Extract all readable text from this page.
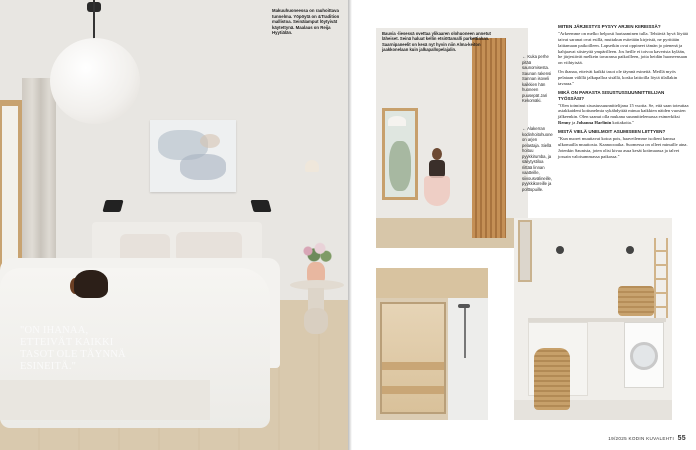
Makuuhuoneessa on rauhoittava tunnelma. Yöpöytä on &Tradition mallistoa. Seinälamput löytyivät käytettynä. Maalaus on Reija Hyytiälän.
"ON IHANAA, ETTEIVÄT KAIKKI TASOT OLE TÄYNNÄ ESINEITÄ."
Bauvia -liesessä ovettaa ylikaaren olohuoneen annetut läheiset. Seinä haluat kellin etsiöttamalli parkettiahan. Saarnipaneelit on kesä nyt hyvin niin Alma-keiton jaakkonelaan kuin jalkapallopelajalin.
← Kuka perhe pitää saunomisesta. Saunan rakensi Sannan isoveli kaikkien hän huoneen puusepät Jari Kekomäki.
← Alakerran kodinhoitohuone on arjen pelastaja. Siellä hoituu pyykkirumba, ja säilytystiloa riittää linnan vaatteille, siivousvälineille, pyykkikoreille ja polttopuille.
MITEN JÄRJESTYS PYSYY ARJEN KIIREISSÄ?

"Arkeemme on melko helposti hartaaminen tulla. Tehtäviä hyvä löytää taivat saranat ovat esillä, muttakun esitetään kirjeistä, ne pyrittään laittamaan paikoilleen. Lapsetkin ovat oppineet tämän jo pienenä ja kahjaavat siisteyttä ympärilleen. Jos heille ei toivoa kaverista kylään, he järjestävät melkein tavaransa paikoilleen, jotta heidän huoneensaan on viihtyisää.

On ihanaa, etteivät kaikki tasot ole täynnä esineitä. Meillä myös pelataan välillä jalkapalloa sisällä, koska lattioilla löytä tilallakin tavaraa."

MIKÄ ON PARASTA SISUSTUSSUUNNITTELIJAN TYÖSSÄSI?

"Olen toiminut sisustussuunnittelijana 15 vuotta. Se, että saan toteuttaa asiakkaideni kotiunelmia sykähdyttää minua kaikkien näiden vuosien jälkeenkin. Olen saanut olla mukana suunnittelemassa esimerkiksi Renny ja Johanna Harlinin kotiakoita."

MISTÄ VIELÄ UNELMOIT ASUMISEEN LIITTYEN?

"Kun nuoret muuttavat kotoa pois, haaveilemme isolieni kanssa ulkomailla muuttosta. Kaanoooaika. Suomessa on olleet minuille aina. Jotenkin Saunista, joten olisi kivaa asua kesät kotimaassa ja talvet jossain valoisammassa paikassa."

19/2025 KODIN KUVALEHTI 55
